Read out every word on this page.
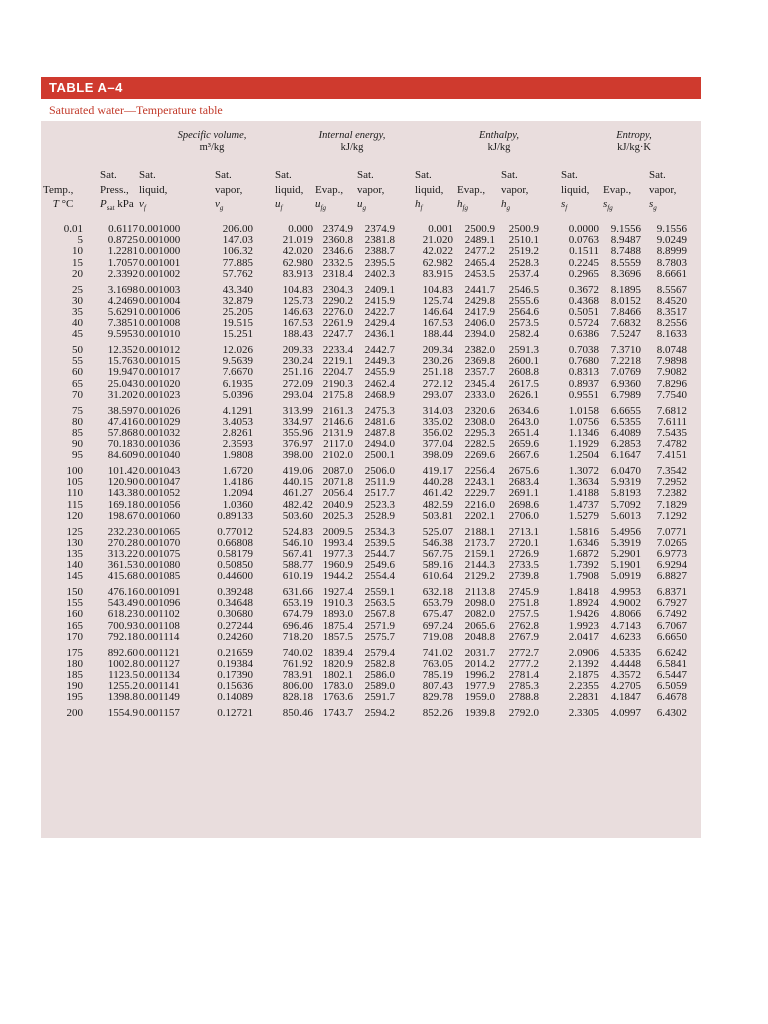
TABLE A–4
Saturated water—Temperature table
Specific volume,
m³/kg
Internal energy,
kJ/kg
Enthalpy,
kJ/kg
Entropy,
kJ/kg·K

Temp.,
T °C
Sat.
Press.,
$P_{sat}$ kPa
Sat.
liquid,
$v_f$
Sat.
vapor,
$v_g$
Sat.
liquid,
$u_f$

Evap.,
$u_{fg}$
Sat.
vapor,
$u_g$
Sat.
liquid,
$h_f$

Evap.,
$h_{fg}$
Sat.
vapor,
$h_g$
Sat.
liquid,
$s_f$

Evap.,
$s_{fg}$
Sat.
vapor,
$s_g$
0.01	0.6117 0.001000	206.00	0.000 2374.9	2374.9	0.001	2500.9	2500.9	0.0000	9.1556	9.1556
5	0.8725 0.001000	147.03	21.019 2360.8	2381.8	21.020	2489.1	2510.1	0.0763	8.9487	9.0249
10	1.2281 0.001000	106.32	42.020 2346.6	2388.7	42.022	2477.2	2519.2	0.1511	8.7488	8.8999
15	1.7057 0.001001	77.885	62.980 2332.5	2395.5	62.982	2465.4	2528.3	0.2245	8.5559	8.7803
20	2.3392 0.001002	57.762	83.913 2318.4	2402.3	83.915	2453.5	2537.4	0.2965	8.3696	8.6661
25	3.1698 0.001003	43.340	104.83 2304.3	2409.1	104.83	2441.7	2546.5	0.3672	8.1895	8.5567
30	4.2469 0.001004	32.879	125.73 2290.2	2415.9	125.74	2429.8	2555.6	0.4368	8.0152	8.4520
35	5.6291 0.001006	25.205	146.63 2276.0	2422.7	146.64	2417.9	2564.6	0.5051	7.8466	8.3517
40	7.3851 0.001008	19.515	167.53 2261.9	2429.4	167.53	2406.0	2573.5	0.5724	7.6832	8.2556
45	9.5953 0.001010	15.251	188.43 2247.7	2436.1	188.44	2394.0	2582.4	0.6386	7.5247	8.1633
50	12.352 0.001012	12.026	209.33 2233.4	2442.7	209.34	2382.0	2591.3	0.7038	7.3710	8.0748
55	15.763 0.001015	9.5639	230.24 2219.1	2449.3	230.26	2369.8	2600.1	0.7680	7.2218	7.9898
60	19.947 0.001017	7.6670	251.16 2204.7	2455.9	251.18	2357.7	2608.8	0.8313	7.0769	7.9082
65	25.043 0.001020	6.1935	272.09 2190.3	2462.4	272.12	2345.4	2617.5	0.8937	6.9360	7.8296
70	31.202 0.001023	5.0396	293.04 2175.8	2468.9	293.07	2333.0	2626.1	0.9551	6.7989	7.7540
75	38.597 0.001026	4.1291	313.99 2161.3	2475.3	314.03	2320.6	2634.6	1.0158	6.6655	7.6812
80	47.416 0.001029	3.4053	334.97 2146.6	2481.6	335.02	2308.0	2643.0	1.0756	6.5355	7.6111
85	57.868 0.001032	2.8261	355.96 2131.9	2487.8	356.02	2295.3	2651.4	1.1346	6.4089	7.5435
90	70.183 0.001036	2.3593	376.97 2117.0	2494.0	377.04	2282.5	2659.6	1.1929	6.2853	7.4782
95	84.609 0.001040	1.9808	398.00 2102.0	2500.1	398.09	2269.6	2667.6	1.2504	6.1647	7.4151
100	101.42 0.001043	1.6720	419.06 2087.0	2506.0	419.17	2256.4	2675.6	1.3072	6.0470	7.3542
105	120.90 0.001047	1.4186	440.15 2071.8	2511.9	440.28	2243.1	2683.4	1.3634	5.9319	7.2952
110	143.38 0.001052	1.2094	461.27 2056.4	2517.7	461.42	2229.7	2691.1	1.4188	5.8193	7.2382
115	169.18 0.001056	1.0360	482.42 2040.9	2523.3	482.59	2216.0	2698.6	1.4737	5.7092	7.1829
120	198.67 0.001060	0.89133	503.60 2025.3	2528.9	503.81	2202.1	2706.0	1.5279	5.6013	7.1292
125	232.23 0.001065	0.77012	524.83 2009.5	2534.3	525.07	2188.1	2713.1	1.5816	5.4956	7.0771
130	270.28 0.001070	0.66808	546.10 1993.4	2539.5	546.38	2173.7	2720.1	1.6346	5.3919	7.0265
135	313.22 0.001075	0.58179	567.41 1977.3	2544.7	567.75	2159.1	2726.9	1.6872	5.2901	6.9773
140	361.53 0.001080	0.50850	588.77 1960.9	2549.6	589.16	2144.3	2733.5	1.7392	5.1901	6.9294
145	415.68 0.001085	0.44600	610.19 1944.2	2554.4	610.64	2129.2	2739.8	1.7908	5.0919	6.8827
150	476.16 0.001091	0.39248	631.66 1927.4	2559.1	632.18	2113.8	2745.9	1.8418	4.9953	6.8371
155	543.49 0.001096	0.34648	653.19 1910.3	2563.5	653.79	2098.0	2751.8	1.8924	4.9002	6.7927
160	618.23 0.001102	0.30680	674.79 1893.0	2567.8	675.47	2082.0	2757.5	1.9426	4.8066	6.7492
165	700.93 0.001108	0.27244	696.46 1875.4	2571.9	697.24	2065.6	2762.8	1.9923	4.7143	6.7067
170	792.18 0.001114	0.24260	718.20 1857.5	2575.7	719.08	2048.8	2767.9	2.0417	4.6233	6.6650
175	892.60 0.001121	0.21659	740.02 1839.4	2579.4	741.02	2031.7	2772.7	2.0906	4.5335	6.6242
180	1002.8 0.001127	0.19384	761.92 1820.9	2582.8	763.05	2014.2	2777.2	2.1392	4.4448	6.5841
185	1123.5 0.001134	0.17390	783.91 1802.1	2586.0	785.19	1996.2	2781.4	2.1875	4.3572	6.5447
190	1255.2 0.001141	0.15636	806.00 1783.0	2589.0	807.43	1977.9	2785.3	2.2355	4.2705	6.5059
195	1398.8 0.001149	0.14089	828.18 1763.6	2591.7	829.78	1959.0	2788.8	2.2831	4.1847	6.4678
200	1554.9 0.001157	0.12721	850.46 1743.7	2594.2	852.26	1939.8	2792.0	2.3305	4.0997	6.4302
